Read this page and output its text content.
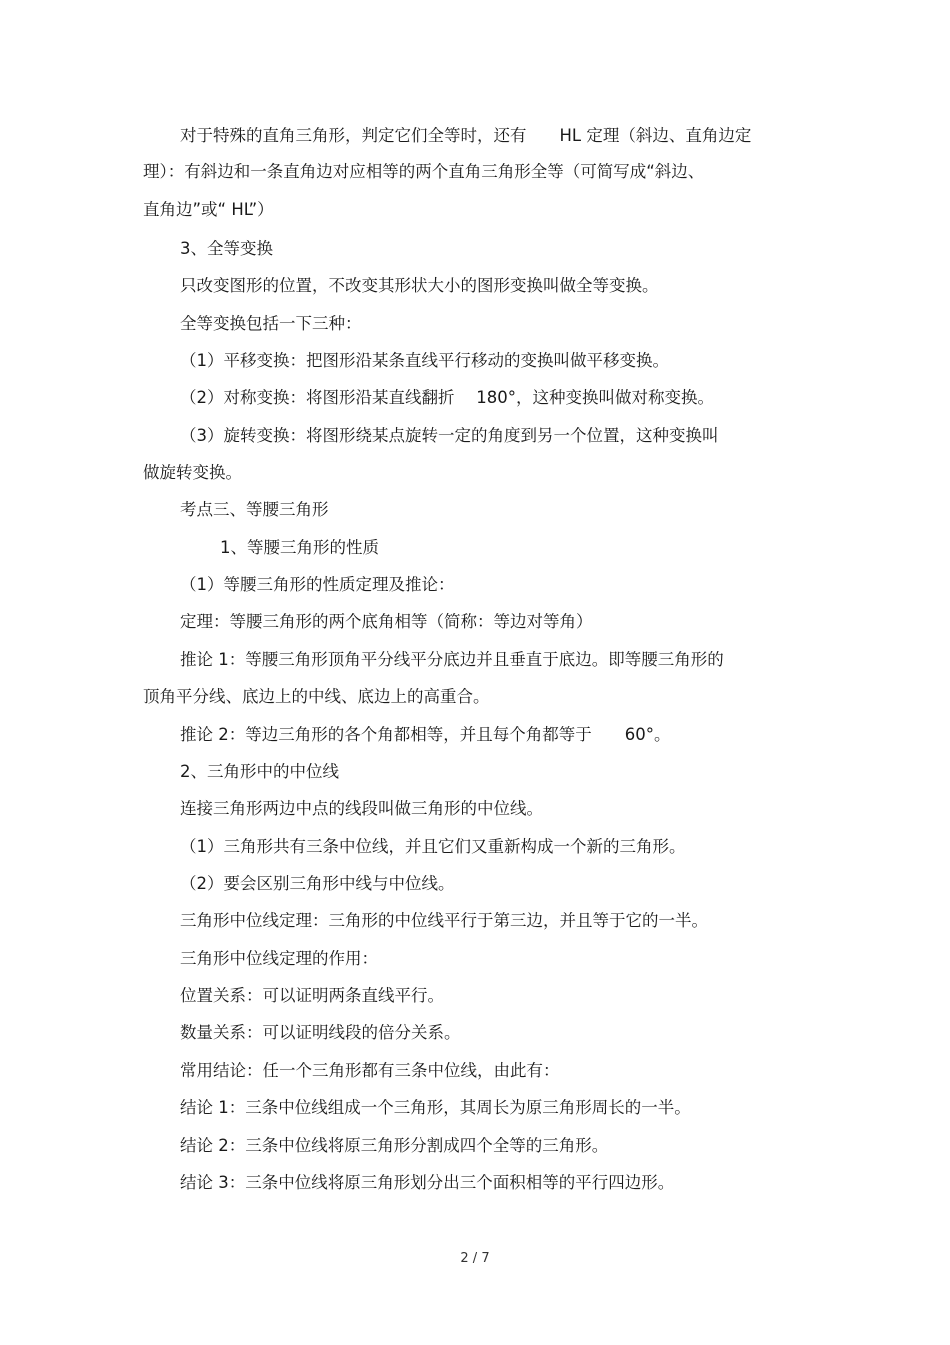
对于特殊的直角三角形，判定它们全等时，还有　　HL 定理（斜边、直角边定
理）：有斜边和一条直角边对应相等的两个直角三角形全等（可简写成“斜边、
直角边”或“ HL”）
3、全等变换
只改变图形的位置，不改变其形状大小的图形变换叫做全等变换。
全等变换包括一下三种：
（1）平移变换：把图形沿某条直线平行移动的变换叫做平移变换。
（2）对称变换：将图形沿某直线翻折　 180°，这种变换叫做对称变换。
（3）旋转变换：将图形绕某点旋转一定的角度到另一个位置，这种变换叫
做旋转变换。
考点三、等腰三角形
1、等腰三角形的性质
（1）等腰三角形的性质定理及推论：
定理：等腰三角形的两个底角相等（简称：等边对等角）
推论 1：等腰三角形顶角平分线平分底边并且垂直于底边。即等腰三角形的
顶角平分线、底边上的中线、底边上的高重合。
推论 2：等边三角形的各个角都相等，并且每个角都等于　　60°。
2、三角形中的中位线
连接三角形两边中点的线段叫做三角形的中位线。
（1）三角形共有三条中位线，并且它们又重新构成一个新的三角形。
（2）要会区别三角形中线与中位线。
三角形中位线定理：三角形的中位线平行于第三边，并且等于它的一半。
三角形中位线定理的作用：
位置关系：可以证明两条直线平行。
数量关系：可以证明线段的倍分关系。
常用结论：任一个三角形都有三条中位线，由此有：
结论 1：三条中位线组成一个三角形，其周长为原三角形周长的一半。
结论 2：三条中位线将原三角形分割成四个全等的三角形。
结论 3：三条中位线将原三角形划分出三个面积相等的平行四边形。
2 / 7
